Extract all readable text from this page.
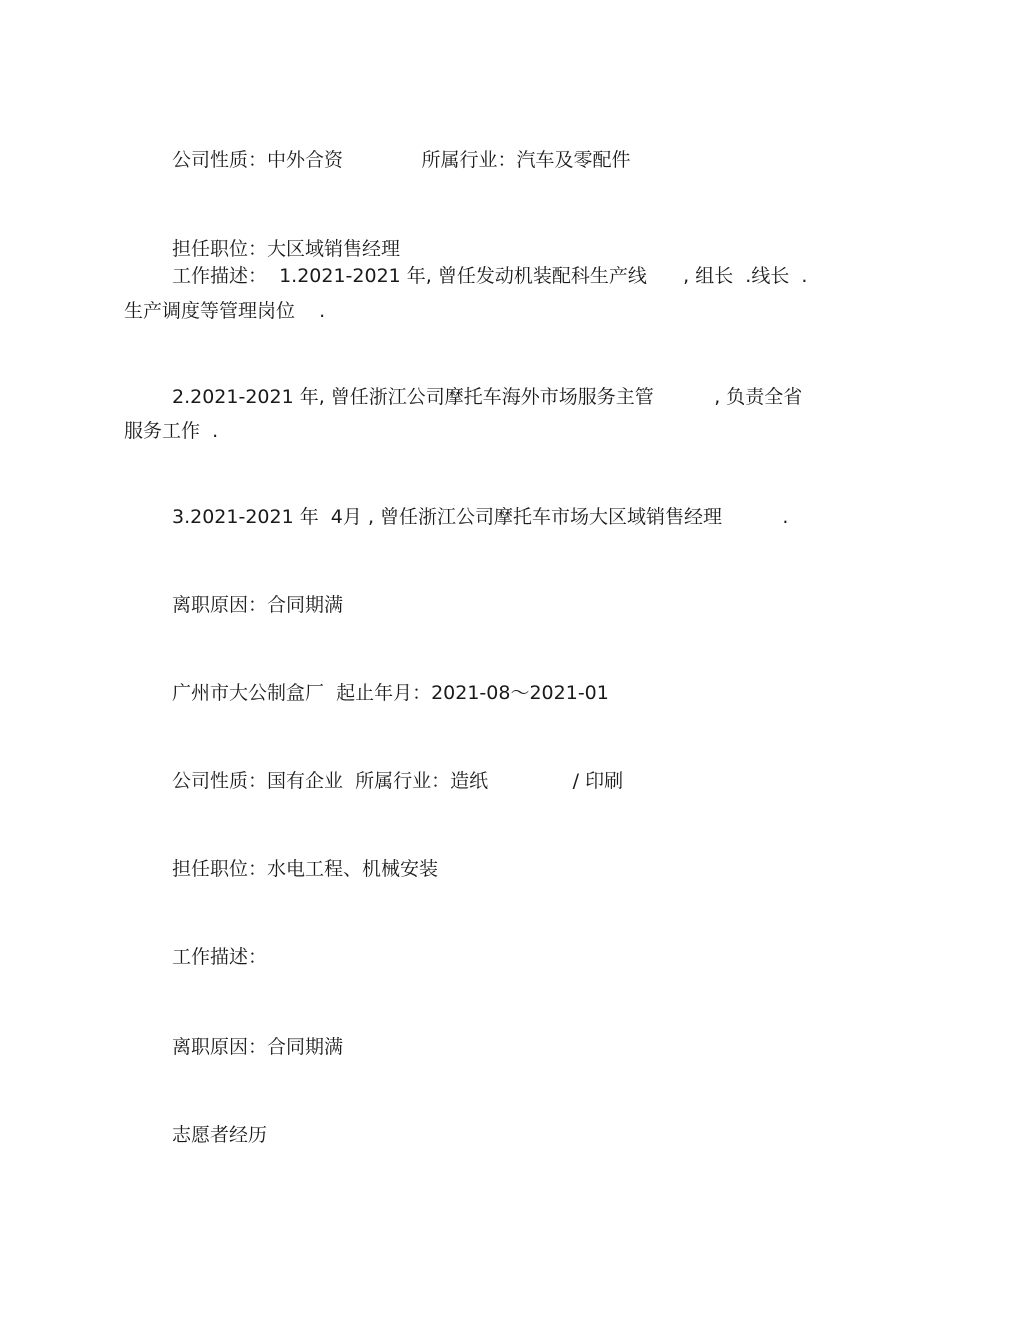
公司性质：中外合资             所属行业：汽车及零配件
担任职位：大区域销售经理
工作描述：  1.2021-2021 年, 曾任发动机装配科生产线      , 组长  .线长  .
生产调度等管理岗位    .
2.2021-2021 年, 曾任浙江公司摩托车海外市场服务主管          , 负责全省
服务工作  .
3.2021-2021 年  4月 , 曾任浙江公司摩托车市场大区域销售经理          .
离职原因：合同期满
广州市大公制盒厂  起止年月：2021-08～2021-01
公司性质：国有企业  所属行业：造纸              / 印刷
担任职位：水电工程、机械安装
工作描述：
离职原因：合同期满
志愿者经历
